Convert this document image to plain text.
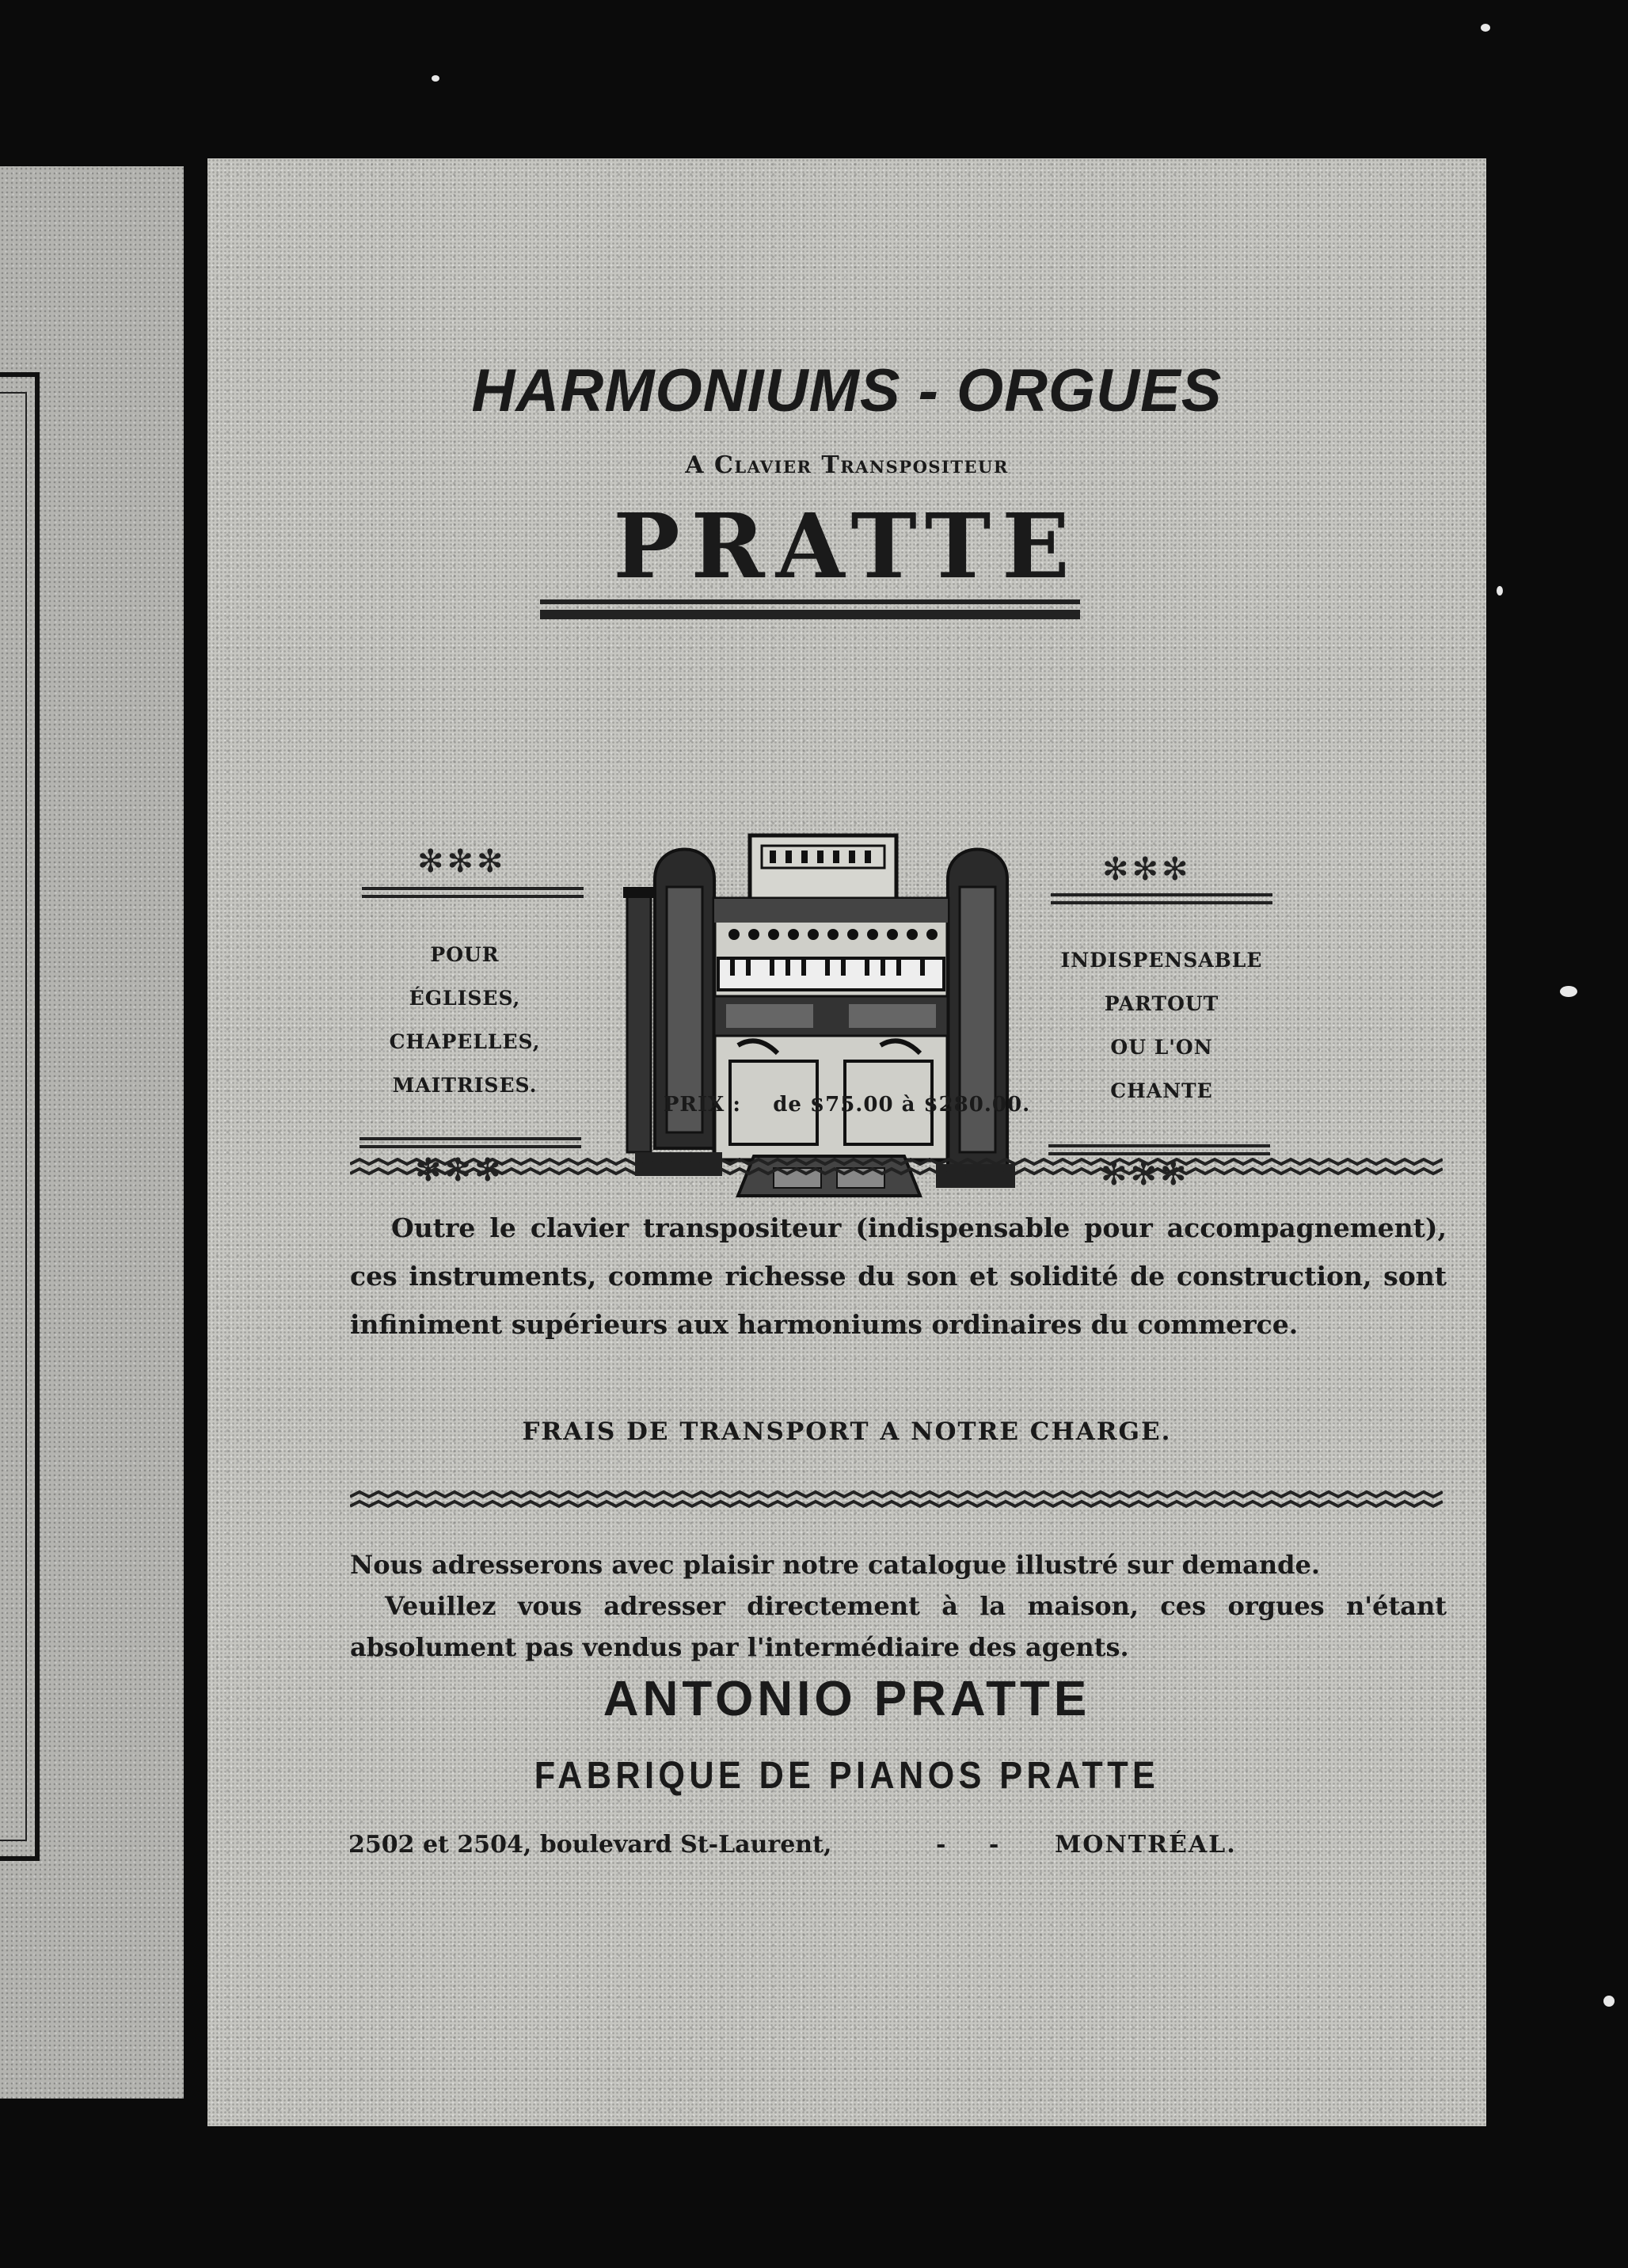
HARMONIUMS - ORGUES
A Clavier Transpositeur
PRATTE
✻✻✻
POUR
ÉGLISES,
CHAPELLES,
MAITRISES.
✻✻✻
✻✻✻
INDISPENSABLE
PARTOUT
OU L'ON
CHANTE
✻✻✻
PRIX : de $75.00 à $280.00.

Outre le clavier transpositeur (indispensable pour accompagnement), ces instruments, comme richesse du son et solidité de construction, sont infiniment supérieurs aux harmoniums ordinaires du commerce.

FRAIS DE TRANSPORT A NOTRE CHARGE.
Nous adresserons avec plaisir notre catalogue illustré sur demande.
Veuillez vous adresser directement à la maison, ces orgues n'étant absolument pas vendus par l'intermédiaire des agents.
ANTONIO PRATTE
FABRIQUE DE PIANOS PRATTE
2502 et 2504, boulevard St-Laurent,	- - MONTRÉAL.
